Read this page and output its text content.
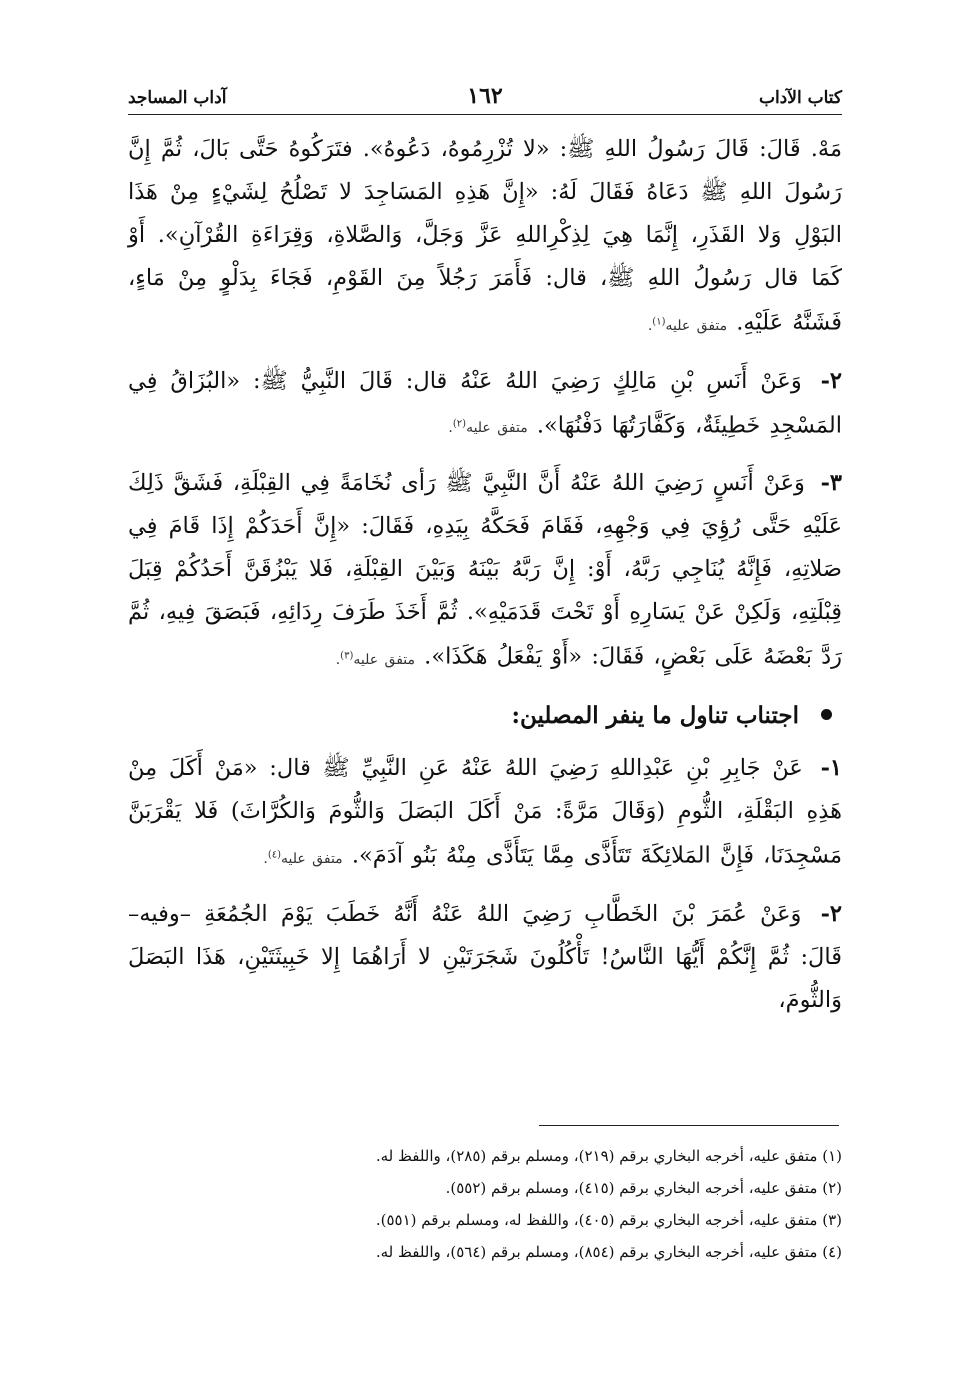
كتاب الآداب
١٦٢
آداب المساجد

مَهْ. قَالَ: قَالَ رَسُولُ اللهِ ﷺ: «لا تُزْرِمُوهُ، دَعُوهُ». فتَرَكُوهُ حَتَّى بَالَ، ثُمَّ إِنَّ رَسُولَ اللهِ ﷺ دَعَاهُ فَقَالَ لَهُ: «إِنَّ هَذِهِ المَسَاجِدَ لا تَصْلُحُ لِشَيْءٍ مِنْ هَذَا البَوْلِ وَلا القَذَرِ، إِنَّمَا هِيَ لِذِكْرِاللهِ عَزَّ وَجَلَّ، وَالصَّلاةِ، وَقِرَاءَةِ القُرْآنِ». أَوْ كَمَا قال رَسُولُ اللهِ ﷺ، قال: فَأَمَرَ رَجُلاً مِنَ القَوْمِ، فَجَاءَ بِدَلْوٍ مِنْ مَاءٍ، فَشَنَّهُ عَلَيْهِ. متفق عليه$^{(١)}$.

٢- وَعَنْ أَنَسِ بْنِ مَالِكٍ رَضِيَ اللهُ عَنْهُ قال: قَالَ النَّبِيُّ ﷺ: «البُزَاقُ فِي المَسْجِدِ خَطِيئَةٌ، وَكَفَّارَتُهَا دَفْنُهَا». متفق عليه$^{(٢)}$.

٣- وَعَنْ أَنَسٍ رَضِيَ اللهُ عَنْهُ أَنَّ النَّبِيَّ ﷺ رَأى نُخَامَةً فِي القِبْلَةِ، فَشَقَّ ذَلِكَ عَلَيْهِ حَتَّى رُؤِيَ فِي وَجْهِهِ، فَقَامَ فَحَكَّهُ بِيَدِهِ، فَقَالَ: «إِنَّ أَحَدَكُمْ إِذَا قَامَ فِي صَلاتِهِ، فَإِنَّهُ يُنَاجِي رَبَّهُ، أَوْ: إِنَّ رَبَّهُ بَيْنَهُ وَبَيْنَ القِبْلَةِ، فَلا يَبْزُقَنَّ أَحَدُكُمْ قِبَلَ قِبْلَتِهِ، وَلَكِنْ عَنْ يَسَارِهِ أَوْ تَحْتَ قَدَمَيْهِ». ثُمَّ أَخَذَ طَرَفَ رِدَائِهِ، فَبَصَقَ فِيهِ، ثُمَّ رَدَّ بَعْضَهُ عَلَى بَعْضٍ، فَقَالَ: «أَوْ يَفْعَلُ هَكَذَا». متفق عليه$^{(٣)}$.

اجتناب تناول ما ينفر المصلين:

١- عَنْ جَابِرِ بْنِ عَبْدِاللهِ رَضِيَ اللهُ عَنْهُ عَنِ النَّبِيِّ ﷺ قال: «مَنْ أَكَلَ مِنْ هَذِهِ البَقْلَةِ، الثُّومِ (وَقَالَ مَرَّةً: مَنْ أَكَلَ البَصَلَ وَالثُّومَ وَالكُرَّاثَ) فَلا يَقْرَبَنَّ مَسْجِدَنَا، فَإِنَّ المَلائِكَةَ تَتَأَذَّى مِمَّا يَتَأَذَّى مِنْهُ بَنُو آدَمَ». متفق عليه$^{(٤)}$.

٢- وَعَنْ عُمَرَ بْنَ الخَطَّابِ رَضِيَ اللهُ عَنْهُ أَنَّهُ خَطَبَ يَوْمَ الجُمُعَةِ –وفيه– قَالَ: ثُمَّ إِنَّكُمْ أَيُّهَا النَّاسُ! تَأْكُلُونَ شَجَرَتَيْنِ لا أَرَاهُمَا إِلا خَبِيثَتَيْنِ، هَذَا البَصَلَ وَالثُّومَ،

(١) متفق عليه، أخرجه البخاري برقم (٢١٩)، ومسلم برقم (٢٨٥)، واللفظ له.
(٢) متفق عليه، أخرجه البخاري برقم (٤١٥)، ومسلم برقم (٥٥٢).
(٣) متفق عليه، أخرجه البخاري برقم (٤٠٥)، واللفظ له، ومسلم برقم (٥٥١).
(٤) متفق عليه، أخرجه البخاري برقم (٨٥٤)، ومسلم برقم (٥٦٤)، واللفظ له.
